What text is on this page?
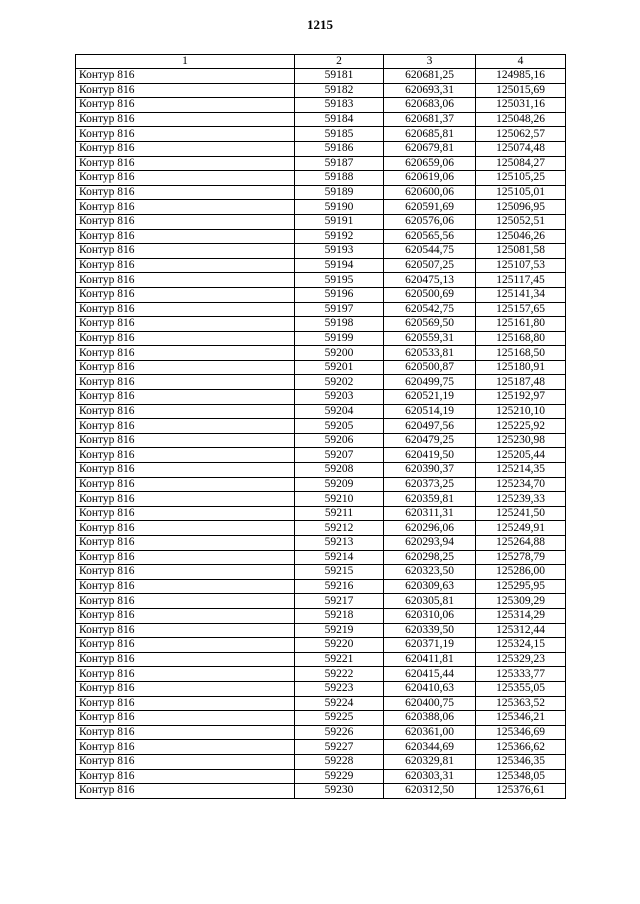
1215
1	2	3	4
Контур 816	59181	620681,25	124985,16
Контур 816	59182	620693,31	125015,69
Контур 816	59183	620683,06	125031,16
Контур 816	59184	620681,37	125048,26
Контур 816	59185	620685,81	125062,57
Контур 816	59186	620679,81	125074,48
Контур 816	59187	620659,06	125084,27
Контур 816	59188	620619,06	125105,25
Контур 816	59189	620600,06	125105,01
Контур 816	59190	620591,69	125096,95
Контур 816	59191	620576,06	125052,51
Контур 816	59192	620565,56	125046,26
Контур 816	59193	620544,75	125081,58
Контур 816	59194	620507,25	125107,53
Контур 816	59195	620475,13	125117,45
Контур 816	59196	620500,69	125141,34
Контур 816	59197	620542,75	125157,65
Контур 816	59198	620569,50	125161,80
Контур 816	59199	620559,31	125168,80
Контур 816	59200	620533,81	125168,50
Контур 816	59201	620500,87	125180,91
Контур 816	59202	620499,75	125187,48
Контур 816	59203	620521,19	125192,97
Контур 816	59204	620514,19	125210,10
Контур 816	59205	620497,56	125225,92
Контур 816	59206	620479,25	125230,98
Контур 816	59207	620419,50	125205,44
Контур 816	59208	620390,37	125214,35
Контур 816	59209	620373,25	125234,70
Контур 816	59210	620359,81	125239,33
Контур 816	59211	620311,31	125241,50
Контур 816	59212	620296,06	125249,91
Контур 816	59213	620293,94	125264,88
Контур 816	59214	620298,25	125278,79
Контур 816	59215	620323,50	125286,00
Контур 816	59216	620309,63	125295,95
Контур 816	59217	620305,81	125309,29
Контур 816	59218	620310,06	125314,29
Контур 816	59219	620339,50	125312,44
Контур 816	59220	620371,19	125324,15
Контур 816	59221	620411,81	125329,23
Контур 816	59222	620415,44	125333,77
Контур 816	59223	620410,63	125355,05
Контур 816	59224	620400,75	125363,52
Контур 816	59225	620388,06	125346,21
Контур 816	59226	620361,00	125346,69
Контур 816	59227	620344,69	125366,62
Контур 816	59228	620329,81	125346,35
Контур 816	59229	620303,31	125348,05
Контур 816	59230	620312,50	125376,61
